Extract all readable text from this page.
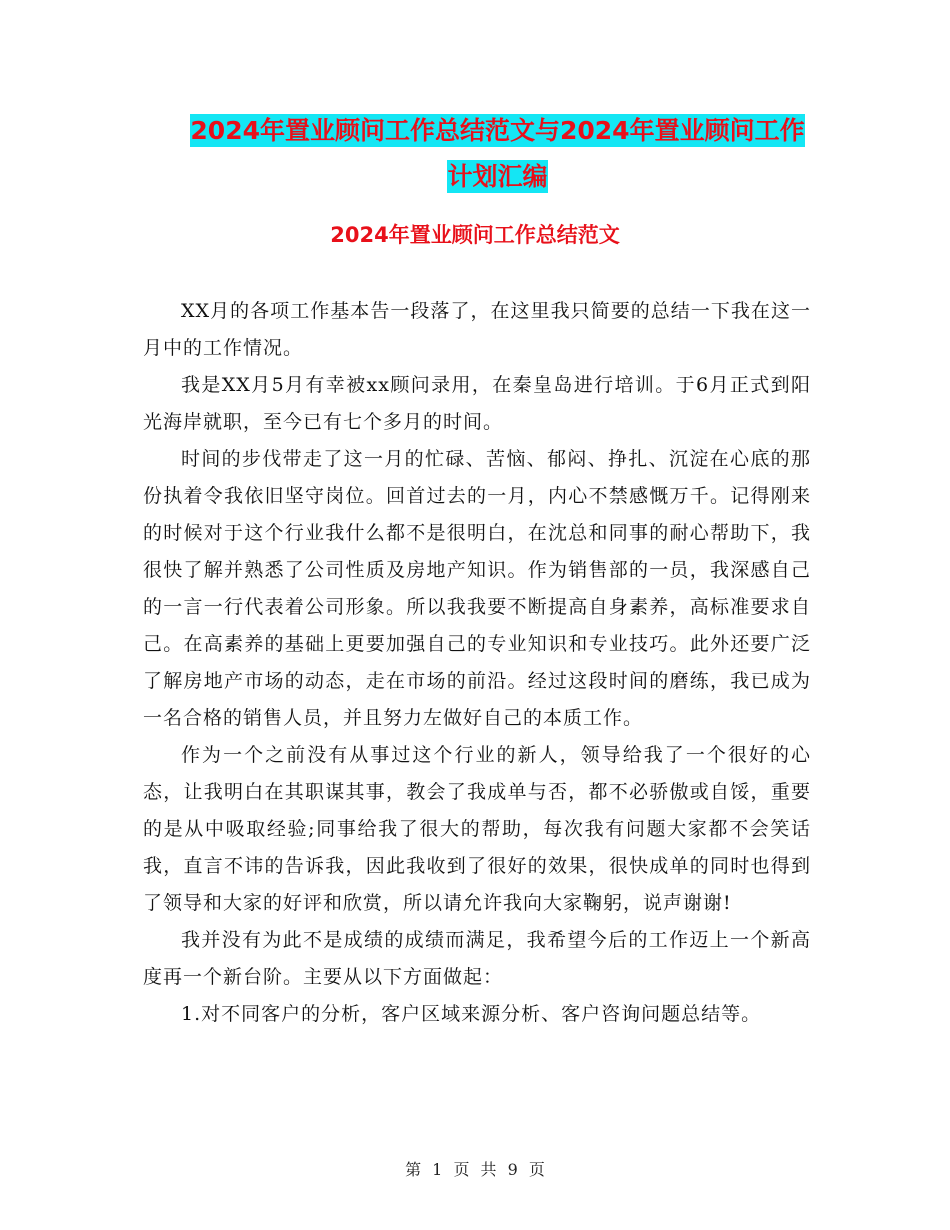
2024年置业顾问工作总结范文与2024年置业顾问工作
计划汇编
2024年置业顾问工作总结范文

XX月的各项工作基本告一段落了，在这里我只简要的总结一下我在这一月中的工作情况。

我是XX月5月有幸被xx顾问录用，在秦皇岛进行培训。于6月正式到阳光海岸就职，至今已有七个多月的时间。

时间的步伐带走了这一月的忙碌、苦恼、郁闷、挣扎、沉淀在心底的那份执着令我依旧坚守岗位。回首过去的一月，内心不禁感慨万千。记得刚来的时候对于这个行业我什么都不是很明白，在沈总和同事的耐心帮助下，我很快了解并熟悉了公司性质及房地产知识。作为销售部的一员，我深感自己的一言一行代表着公司形象。所以我我要不断提高自身素养，高标准要求自己。在高素养的基础上更要加强自己的专业知识和专业技巧。此外还要广泛了解房地产市场的动态，走在市场的前沿。经过这段时间的磨练，我已成为一名合格的销售人员，并且努力左做好自己的本质工作。

作为一个之前没有从事过这个行业的新人，领导给我了一个很好的心态，让我明白在其职谋其事，教会了我成单与否，都不必骄傲或自馁，重要的是从中吸取经验;同事给我了很大的帮助，每次我有问题大家都不会笑话我，直言不讳的告诉我，因此我收到了很好的效果，很快成单的同时也得到了领导和大家的好评和欣赏，所以请允许我向大家鞠躬，说声谢谢!

我并没有为此不是成绩的成绩而满足，我希望今后的工作迈上一个新高度再一个新台阶。主要从以下方面做起：

1.对不同客户的分析，客户区域来源分析、客户咨询问题总结等。

第 1 页 共 9 页
